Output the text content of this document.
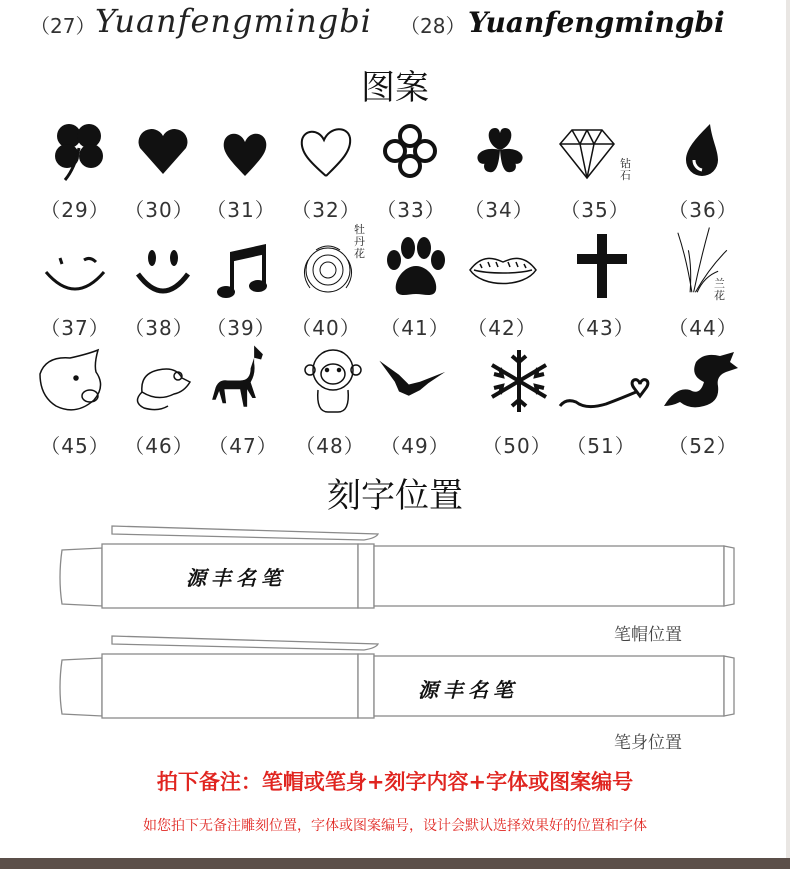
（27） Yuanfengmingbi （28） Yuanfengmingbi
图案
钻石
（29） （30） （31） （32） （33） （34） （35） （36）
牡丹花
兰花
（37） （38） （39） （40） （41） （42） （43） （44）
（45） （46） （47） （48） （49） （50） （51） （52）
刻字位置
源丰名笔
笔帽位置
源丰名笔
笔身位置
拍下备注：笔帽或笔身+刻字内容+字体或图案编号
如您拍下无备注雕刻位置，字体或图案编号，设计会默认选择效果好的位置和字体
